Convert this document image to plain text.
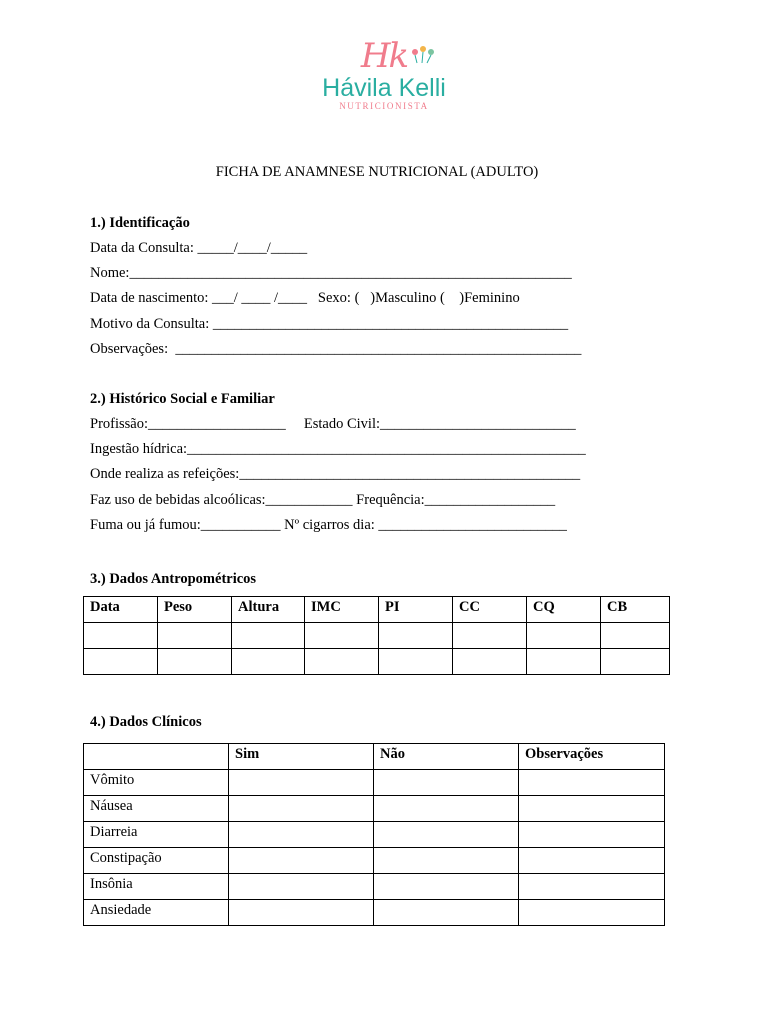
Hk
Hávila Kelli
NUTRICIONISTA
FICHA DE ANAMNESE NUTRICIONAL (ADULTO)
1.) Identificação
Data da Consulta: _____/____/_____
Nome:_____________________________________________________________
Data de nascimento: ___/ ____ /____   Sexo: (   )Masculino (    )Feminino
Motivo da Consulta: _________________________________________________
Observações:  ________________________________________________________
2.) Histórico Social e Familiar
Profissão:___________________     Estado Civil:___________________________
Ingestão hídrica:_______________________________________________________
Onde realiza as refeições:_______________________________________________
Faz uso de bebidas alcoólicas:____________ Frequência:__________________
Fuma ou já fumou:___________ Nº cigarros dia: __________________________
3.) Dados Antropométricos
Data	Peso	Altura	IMC	PI	CC	CQ	CB

4.) Dados Clínicos
	Sim	Não	Observações
Vômito			
Náusea			
Diarreia			
Constipação			
Insônia			
Ansiedade			
